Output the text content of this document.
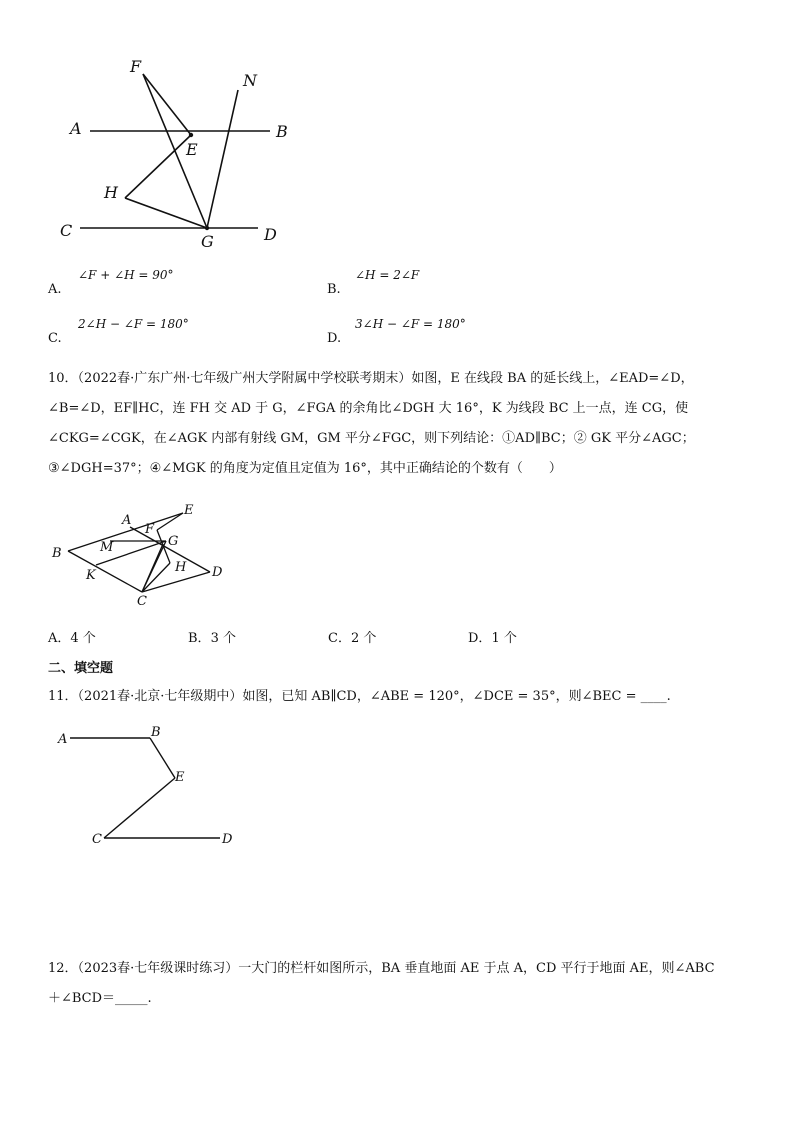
F
N
A	B
E
H
C
G	D
A.
∠F + ∠H = 90°
B.
∠H = 2∠F
C.
2∠H − ∠F = 180°
D.
3∠H − ∠F = 180°
10．（2022春·广东广州·七年级广州大学附属中学校联考期末）如图，E 在线段 BA 的延长线上，∠EAD=∠D，
∠B=∠D，EF∥HC，连 FH 交 AD 于 G，∠FGA 的余角比∠DGH 大 16°，K 为线段 BC 上一点，连 CG，使
∠CKG=∠CGK，在∠AGK 内部有射线 GM，GM 平分∠FGC，则下列结论：①AD∥BC；② GK 平分∠AGC；
③∠DGH=37°；④∠MGK 的角度为定值且定值为 16°，其中正确结论的个数有（　　）
A
E
F
B	M	G
K
H D
C
A．4 个	B．3 个	C．2 个	D．1 个
二、填空题
11．（2021春·北京·七年级期中）如图，已知 AB∥CD，∠ABE = 120°，∠DCE = 35°，则∠BEC = ____.
A	B
E
C	D
12．（2023春·七年级课时练习）一大门的栏杆如图所示，BA 垂直地面 AE 于点 A，CD 平行于地面 AE，则∠ABC
＋∠BCD＝_____.
